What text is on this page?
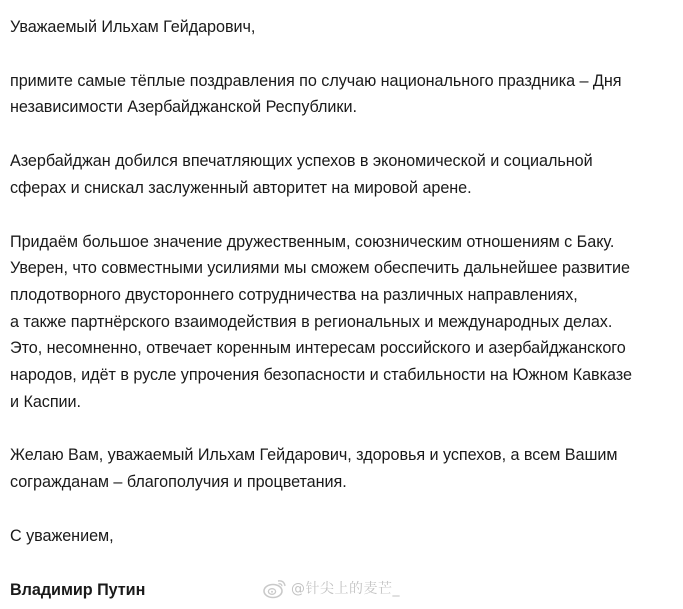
Уважаемый Ильхам Гейдарович,

примите самые тёплые поздравления по случаю национального праздника – Дня
независимости Азербайджанской Республики.

Азербайджан добился впечатляющих успехов в экономической и социальной
сферах и снискал заслуженный авторитет на мировой арене.

Придаём большое значение дружественным, союзническим отношениям с Баку.
Уверен, что совместными усилиями мы сможем обеспечить дальнейшее развитие
плодотворного двустороннего сотрудничества на различных направлениях,
а также партнёрского взаимодействия в региональных и международных делах.
Это, несомненно, отвечает коренным интересам российского и азербайджанского
народов, идёт в русле упрочения безопасности и стабильности на Южном Кавказе
и Каспии.

Желаю Вам, уважаемый Ильхам Гейдарович, здоровья и успехов, а всем Вашим
согражданам – благополучия и процветания.

С уважением,

Владимир Путин	@针尖上的麦芒_
